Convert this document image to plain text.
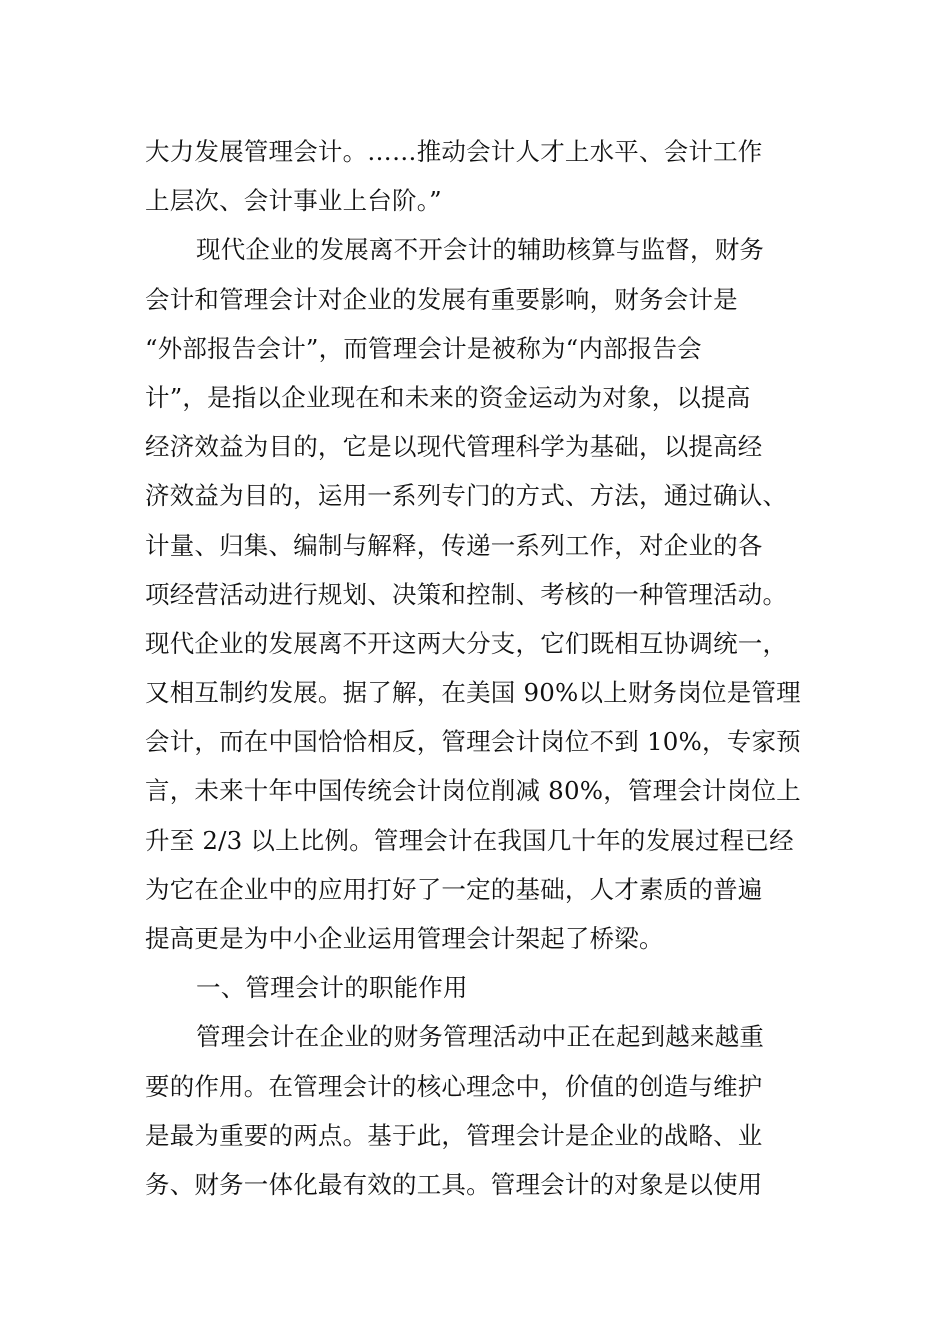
大力发展管理会计。……推动会计人才上水平、会计工作
上层次、会计事业上台阶。”
现代企业的发展离不开会计的辅助核算与监督，财务
会计和管理会计对企业的发展有重要影响，财务会计是
“外部报告会计”，而管理会计是被称为“内部报告会
计”，是指以企业现在和未来的资金运动为对象，以提高
经济效益为目的，它是以现代管理科学为基础，以提高经
济效益为目的，运用一系列专门的方式、方法，通过确认、
计量、归集、编制与解释，传递一系列工作，对企业的各
项经营活动进行规划、决策和控制、考核的一种管理活动。
现代企业的发展离不开这两大分支，它们既相互协调统一，
又相互制约发展。据了解，在美国 90%以上财务岗位是管理
会计，而在中国恰恰相反，管理会计岗位不到 10%，专家预
言，未来十年中国传统会计岗位削减 80%，管理会计岗位上
升至 2/3 以上比例。管理会计在我国几十年的发展过程已经
为它在企业中的应用打好了一定的基础，人才素质的普遍
提高更是为中小企业运用管理会计架起了桥梁。
一、管理会计的职能作用
管理会计在企业的财务管理活动中正在起到越来越重
要的作用。在管理会计的核心理念中，价值的创造与维护
是最为重要的两点。基于此，管理会计是企业的战略、业
务、财务一体化最有效的工具。管理会计的对象是以使用
